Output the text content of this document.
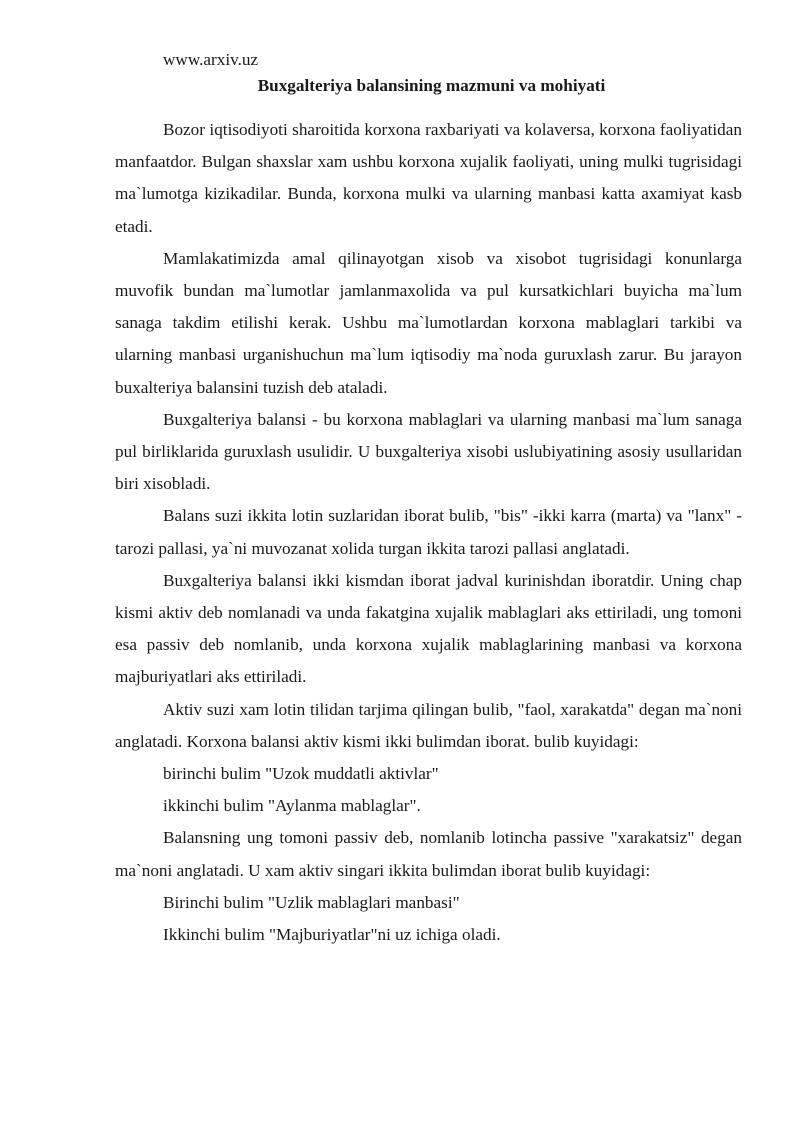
www.arxiv.uz

Buxgalteriya balansining mazmuni va mohiyati

Bozor iqtisodiyoti sharoitida korxona raxbariyati va kolaversa, korxona faoliyatidan manfaatdor. Bulgan shaxslar xam ushbu korxona xujalik faoliyati, uning mulki tugrisidagi ma`lumotga kizikadilar. Bunda, korxona mulki va ularning manbasi katta axamiyat kasb etadi.

Mamlakatimizda amal qilinayotgan xisob va xisobot tugrisidagi konunlarga muvofik bundan ma`lumotlar jamlanmaxolida va pul kursatkichlari buyicha ma`lum sanaga takdim etilishi kerak. Ushbu ma`lumotlardan korxona mablaglari tarkibi va ularning manbasi urganishuchun ma`lum iqtisodiy ma`noda guruxlash zarur. Bu jarayon buxalteriya balansini tuzish deb ataladi.

Buxgalteriya balansi - bu korxona mablaglari va ularning manbasi ma`lum sanaga pul birliklarida guruxlash usulidir. U buxgalteriya xisobi uslubiyatining asosiy usullaridan biri xisobladi.

Balans suzi ikkita lotin suzlaridan iborat bulib, "bis" -ikki karra (marta) va "lanx" -tarozi pallasi, ya`ni muvozanat xolida turgan ikkita tarozi pallasi anglatadi.

Buxgalteriya balansi ikki kismdan iborat jadval kurinishdan iboratdir. Uning chap kismi aktiv deb nomlanadi va unda fakatgina xujalik mablaglari aks ettiriladi, ung tomoni esa passiv deb nomlanib, unda korxona xujalik mablaglarining manbasi va korxona majburiyatlari aks ettiriladi.

Aktiv suzi xam lotin tilidan tarjima qilingan bulib, "faol, xarakatda" degan ma`noni anglatadi. Korxona balansi aktiv kismi ikki bulimdan iborat. bulib kuyidagi:

birinchi bulim "Uzok muddatli aktivlar"

ikkinchi bulim "Aylanma mablaglar".

Balansning ung tomoni passiv deb, nomlanib lotincha passive "xarakatsiz" degan ma`noni anglatadi. U xam aktiv singari ikkita bulimdan iborat bulib kuyidagi:

Birinchi bulim "Uzlik mablaglari manbasi"

Ikkinchi bulim "Majburiyatlar"ni uz ichiga oladi.
